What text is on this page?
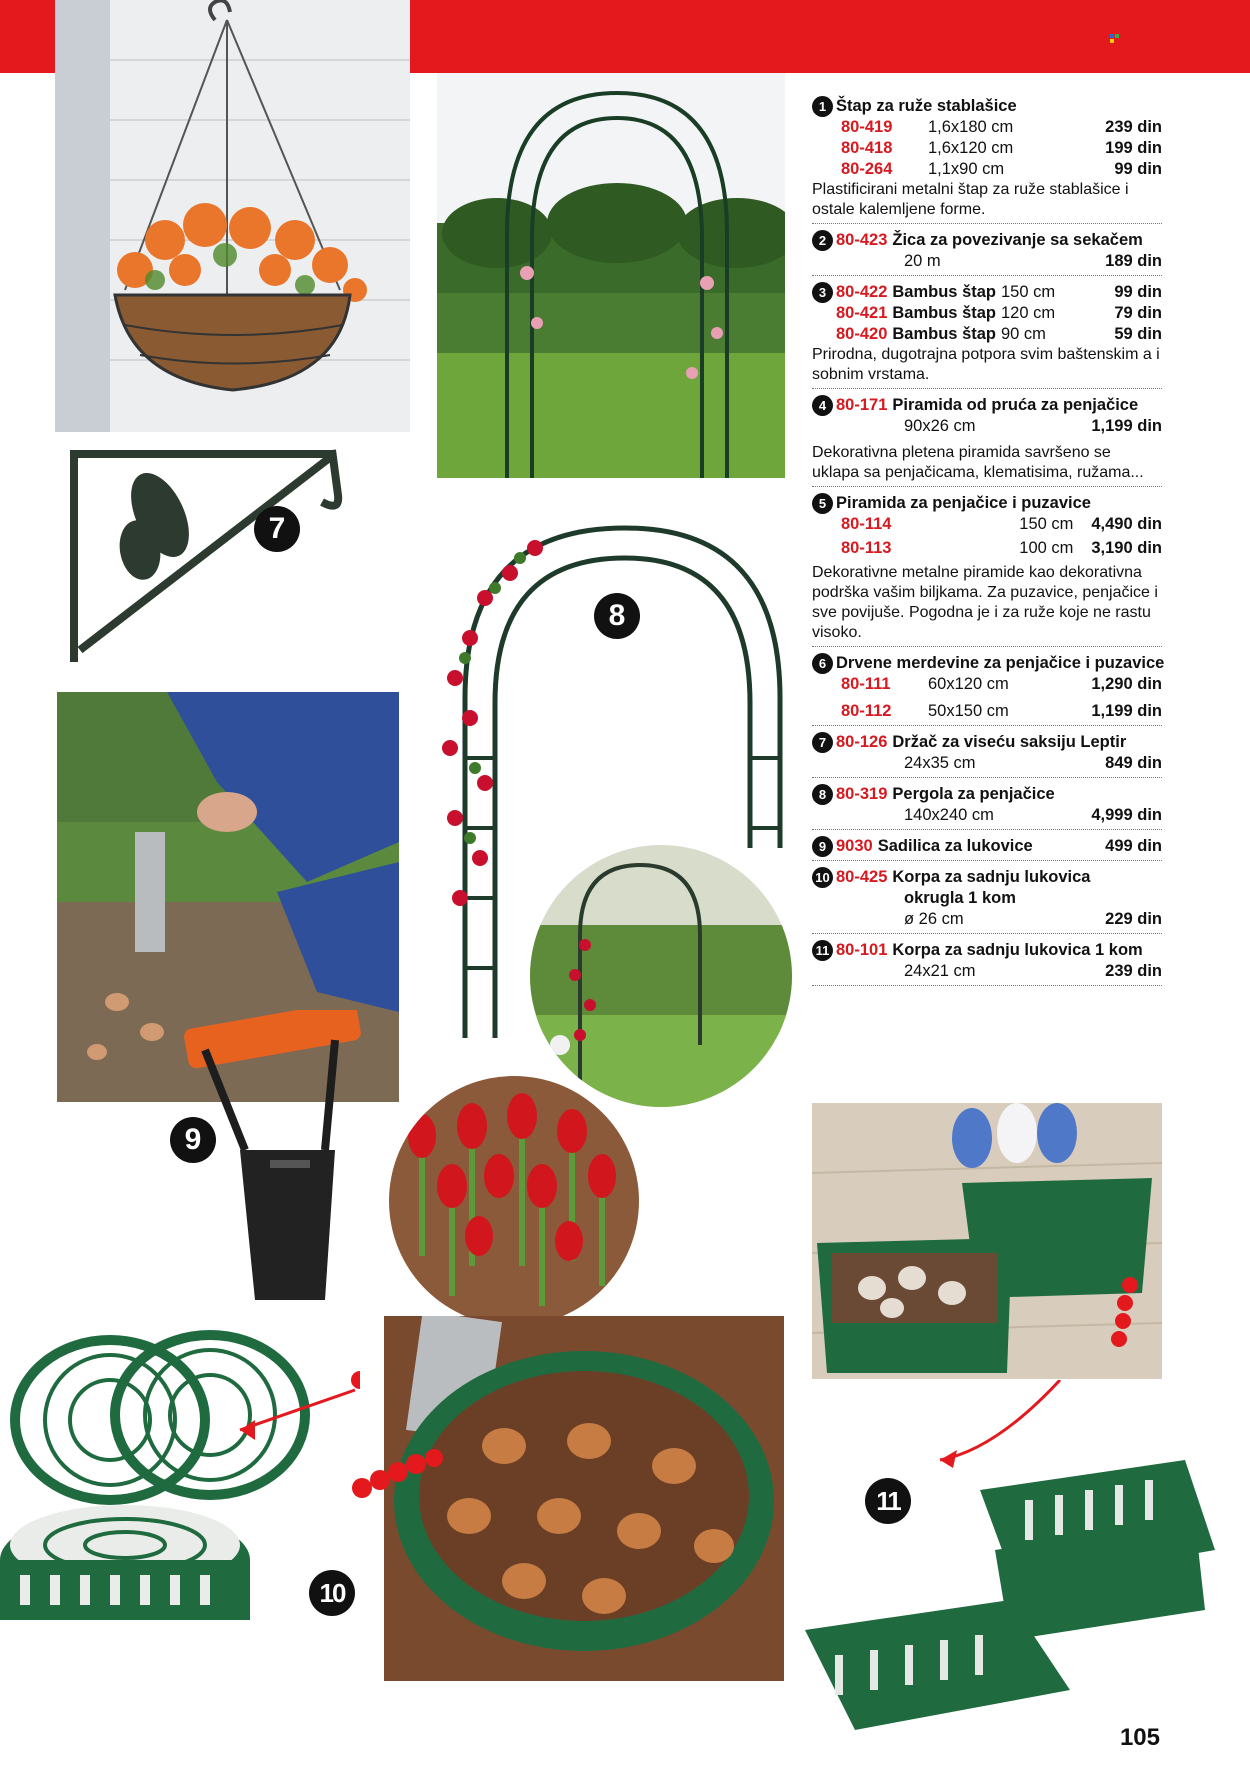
7
8
9
10
11
1 Štap za ruže stablašice
80-419	1,6x180 cm	239 din
80-418	1,6x120 cm	199 din
80-264	1,1x90 cm	99 din
Plastificirani metalni štap za ruže stablašice i ostale kalemljene forme.
2 80-423 Žica za povezivanje sa sekačem
20 m	189 din
3 80-422 Bambus štap 150 cm	99 din
80-421 Bambus štap 120 cm	79 din
80-420 Bambus štap 90 cm	59 din
Prirodna, dugotrajna potpora svim baštenskim a i sobnim vrstama.
4 80-171 Piramida od pruća za penjačice
90x26 cm	1,199 din
Dekorativna pletena piramida savršeno se uklapa sa penjačicama, klematisima, ružama...
5 Piramida za penjačice i puzavice
80-114	150 cm	4,490 din
80-113	100 cm	3,190 din
Dekorativne metalne piramide kao dekorativna podrška vašim biljkama. Za puzavice, penjačice i sve povijuše. Pogodna je i za ruže koje ne rastu visoko.
6 Drvene merdevine za penjačice i puzavice
80-111	60x120 cm	1,290 din
80-112	50x150 cm	1,199 din
7 80-126 Držač za viseću saksiju Leptir
24x35 cm	849 din
8 80-319 Pergola za penjačice
140x240 cm	4,999 din
9 9030 Sadilica za lukovice	499 din
10 80-425 Korpa za sadnju lukovica
okrugla 1 kom
ø 26 cm	229 din
11 80-101 Korpa za sadnju lukovica 1 kom
24x21 cm	239 din
105
